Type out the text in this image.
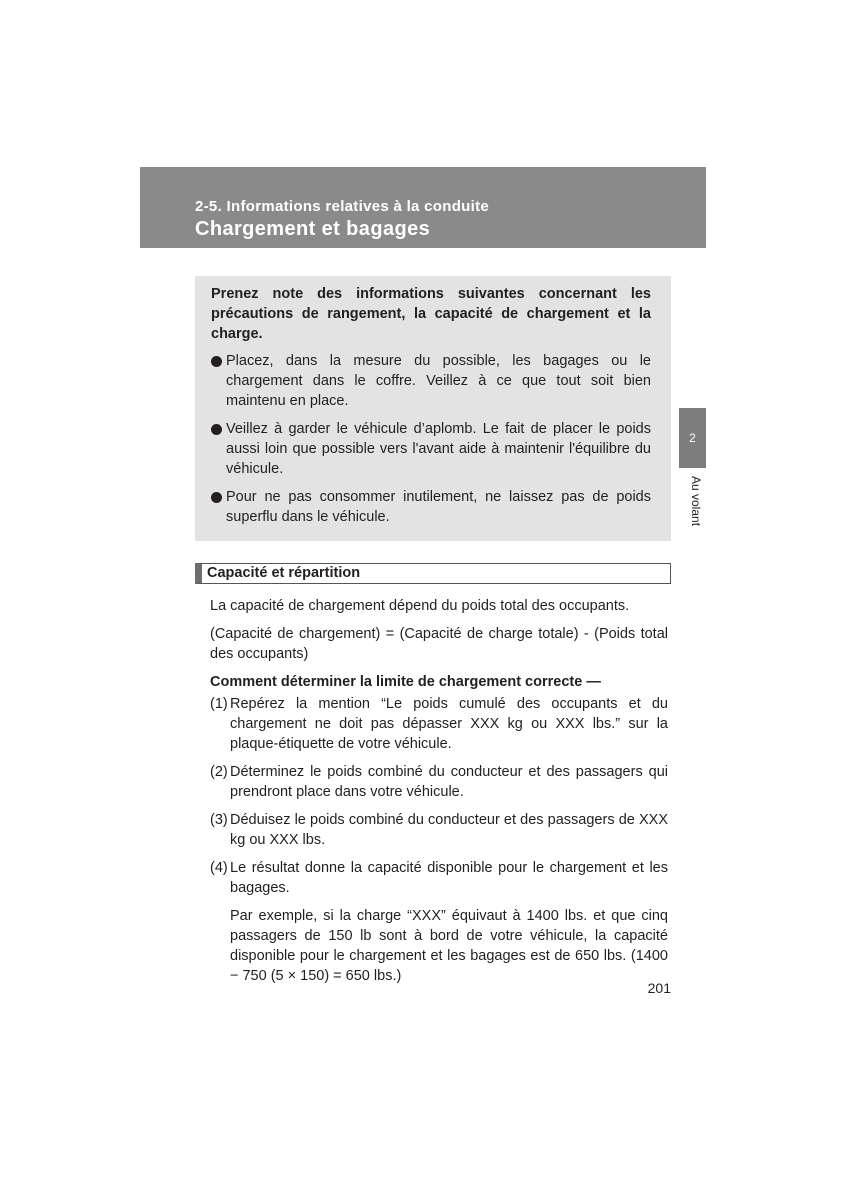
2-5. Informations relatives à la conduite
Chargement et bagages

Prenez note des informations suivantes concernant les précautions de rangement, la capacité de chargement et la charge.

Placez, dans la mesure du possible, les bagages ou le chargement dans le coffre. Veillez à ce que tout soit bien maintenu en place.

Veillez à garder le véhicule d’aplomb. Le fait de placer le poids aussi loin que possible vers l'avant aide à maintenir l'équilibre du véhicule.

Pour ne pas consommer inutilement, ne laissez pas de poids superflu dans le véhicule.

2
Au volant
Capacité et répartition

La capacité de chargement dépend du poids total des occupants.

(Capacité de chargement) = (Capacité de charge totale) - (Poids total des occupants)

Comment déterminer la limite de chargement correcte —

(1) Repérez la mention “Le poids cumulé des occupants et du chargement ne doit pas dépasser XXX kg ou XXX lbs.” sur la plaque-étiquette de votre véhicule.

(2) Déterminez le poids combiné du conducteur et des passagers qui prendront place dans votre véhicule.

(3) Déduisez le poids combiné du conducteur et des passagers de XXX kg ou XXX lbs.

(4) Le résultat donne la capacité disponible pour le chargement et les bagages.

Par exemple, si la charge “XXX” équivaut à 1400 lbs. et que cinq passagers de 150 lb sont à bord de votre véhicule, la capacité disponible pour le chargement et les bagages est de 650 lbs. (1400 − 750 (5 × 150) = 650 lbs.)

201
